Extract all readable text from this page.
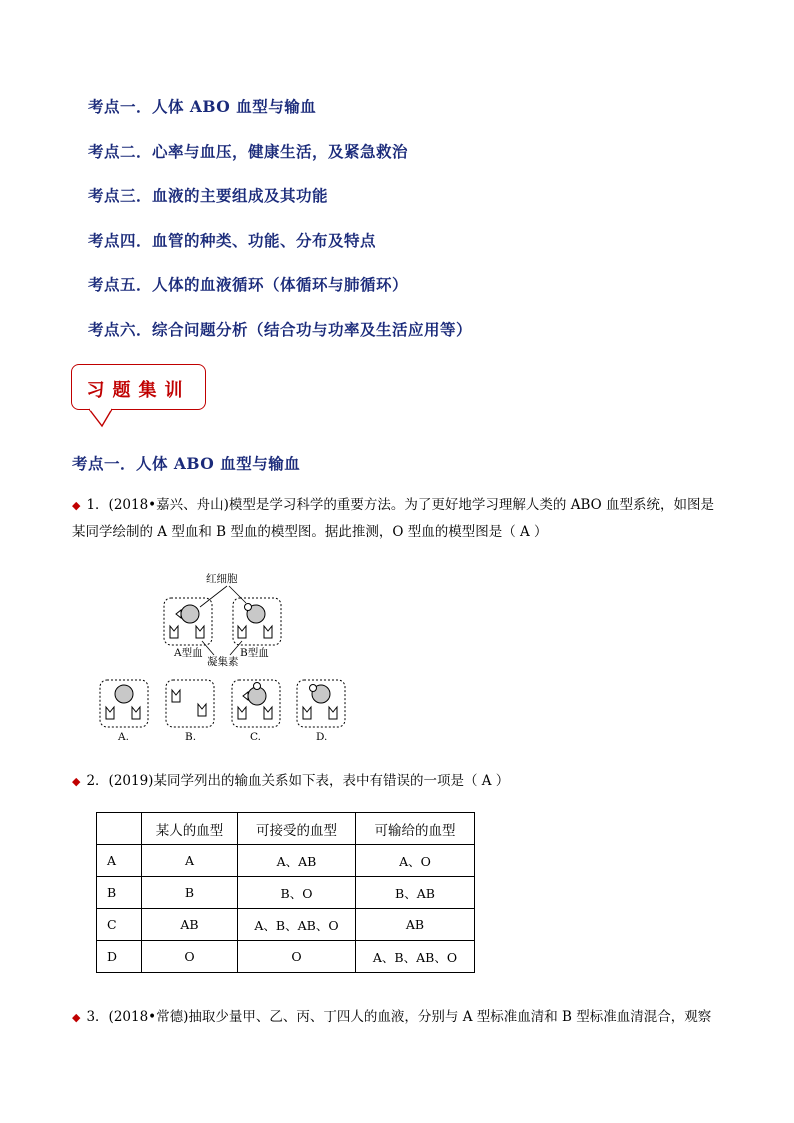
考点一．人体 ABO 血型与输血
考点二．心率与血压，健康生活，及紧急救治
考点三．血液的主要组成及其功能
考点四．血管的种类、功能、分布及特点
考点五．人体的血液循环（体循环与肺循环）
考点六．综合问题分析（结合功与功率及生活应用等）
习题集训
考点一．人体 ABO 血型与输血
◆ 1．(2018•嘉兴、舟山)模型是学习科学的重要方法。为了更好地学习理解人类的 ABO 血型系统，如图是
某同学绘制的 A 型血和 B 型血的模型图。据此推测，O 型血的模型图是（ A ）
红细胞
A型血	B型血
凝集素
A.	B.	C.	D.
◆ 2．(2019)某同学列出的输血关系如下表，表中有错误的一项是（ A ）
	某人的血型	可接受的血型	可输给的血型
A	A	A、AB	A、O
B	B	B、O	B、AB
C	AB	A、B、AB、O	AB
D	O	O	A、B、AB、O
◆ 3．(2018•常德)抽取少量甲、乙、丙、丁四人的血液，分别与 A 型标准血清和 B 型标准血清混合，观察
